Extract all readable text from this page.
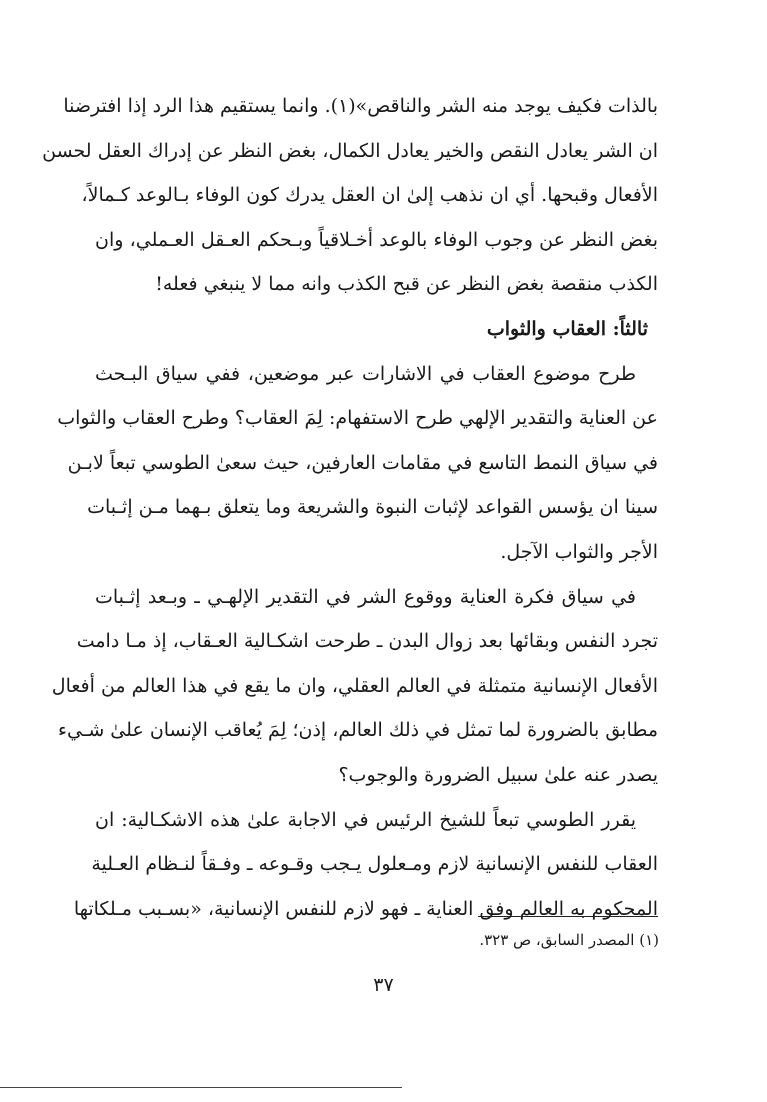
بالذات فكيف يوجد منه الشر والناقص»(١). وانما يستقيم هذا الرد إذا افترضنا
ان الشر يعادل النقص والخير يعادل الكمال، بغض النظر عن إدراك العقل لحسن
الأفعال وقبحها. أي ان نذهب إلىٰ ان العقل يدرك كون الوفاء بـالوعد كـمالاً،
بغض النظر عن وجوب الوفاء بالوعد أخـلاقياً وبـحكم العـقل العـملي، وان
الكذب منقصة بغض النظر عن قبح الكذب وانه مما لا ينبغي فعله!
ثالثاً: العقاب والثواب
طرح موضوع العقاب في الاشارات عبر موضعين، ففي سياق البـحث
عن العناية والتقدير الإلهي طرح الاستفهام: لِمَ العقاب؟ وطرح العقاب والثواب
في سياق النمط التاسع في مقامات العارفين، حيث سعىٰ الطوسي تبعاً لابـن
سينا ان يؤسس القواعد لإثبات النبوة والشريعة وما يتعلق بـهما مـن إثـبات
الأجر والثواب الآجل.
في سياق فكرة العناية ووقوع الشر في التقدير الإلهـي ـ وبـعد إثـبات
تجرد النفس وبقائها بعد زوال البدن ـ طرحت اشكـالية العـقاب، إذ مـا دامت
الأفعال الإنسانية متمثلة في العالم العقلي، وان ما يقع في هذا العالم من أفعال
مطابق بالضرورة لما تمثل في ذلك العالم، إذن؛ لِمَ يُعاقب الإنسان علىٰ شـيء
يصدر عنه علىٰ سبيل الضرورة والوجوب؟
يقرر الطوسي تبعاً للشيخ الرئيس في الاجابة علىٰ هذه الاشكـالية: ان
العقاب للنفس الإنسانية لازم ومـعلول يـجب وقـوعه ـ وفـقاً لنـظام العـلية
المحكوم به العالم وفق العناية ـ فهو لازم للنفس الإنسانية، «بسـبب مـلكاتها
(١) المصدر السابق، ص ٣٢٣.
٣٧
